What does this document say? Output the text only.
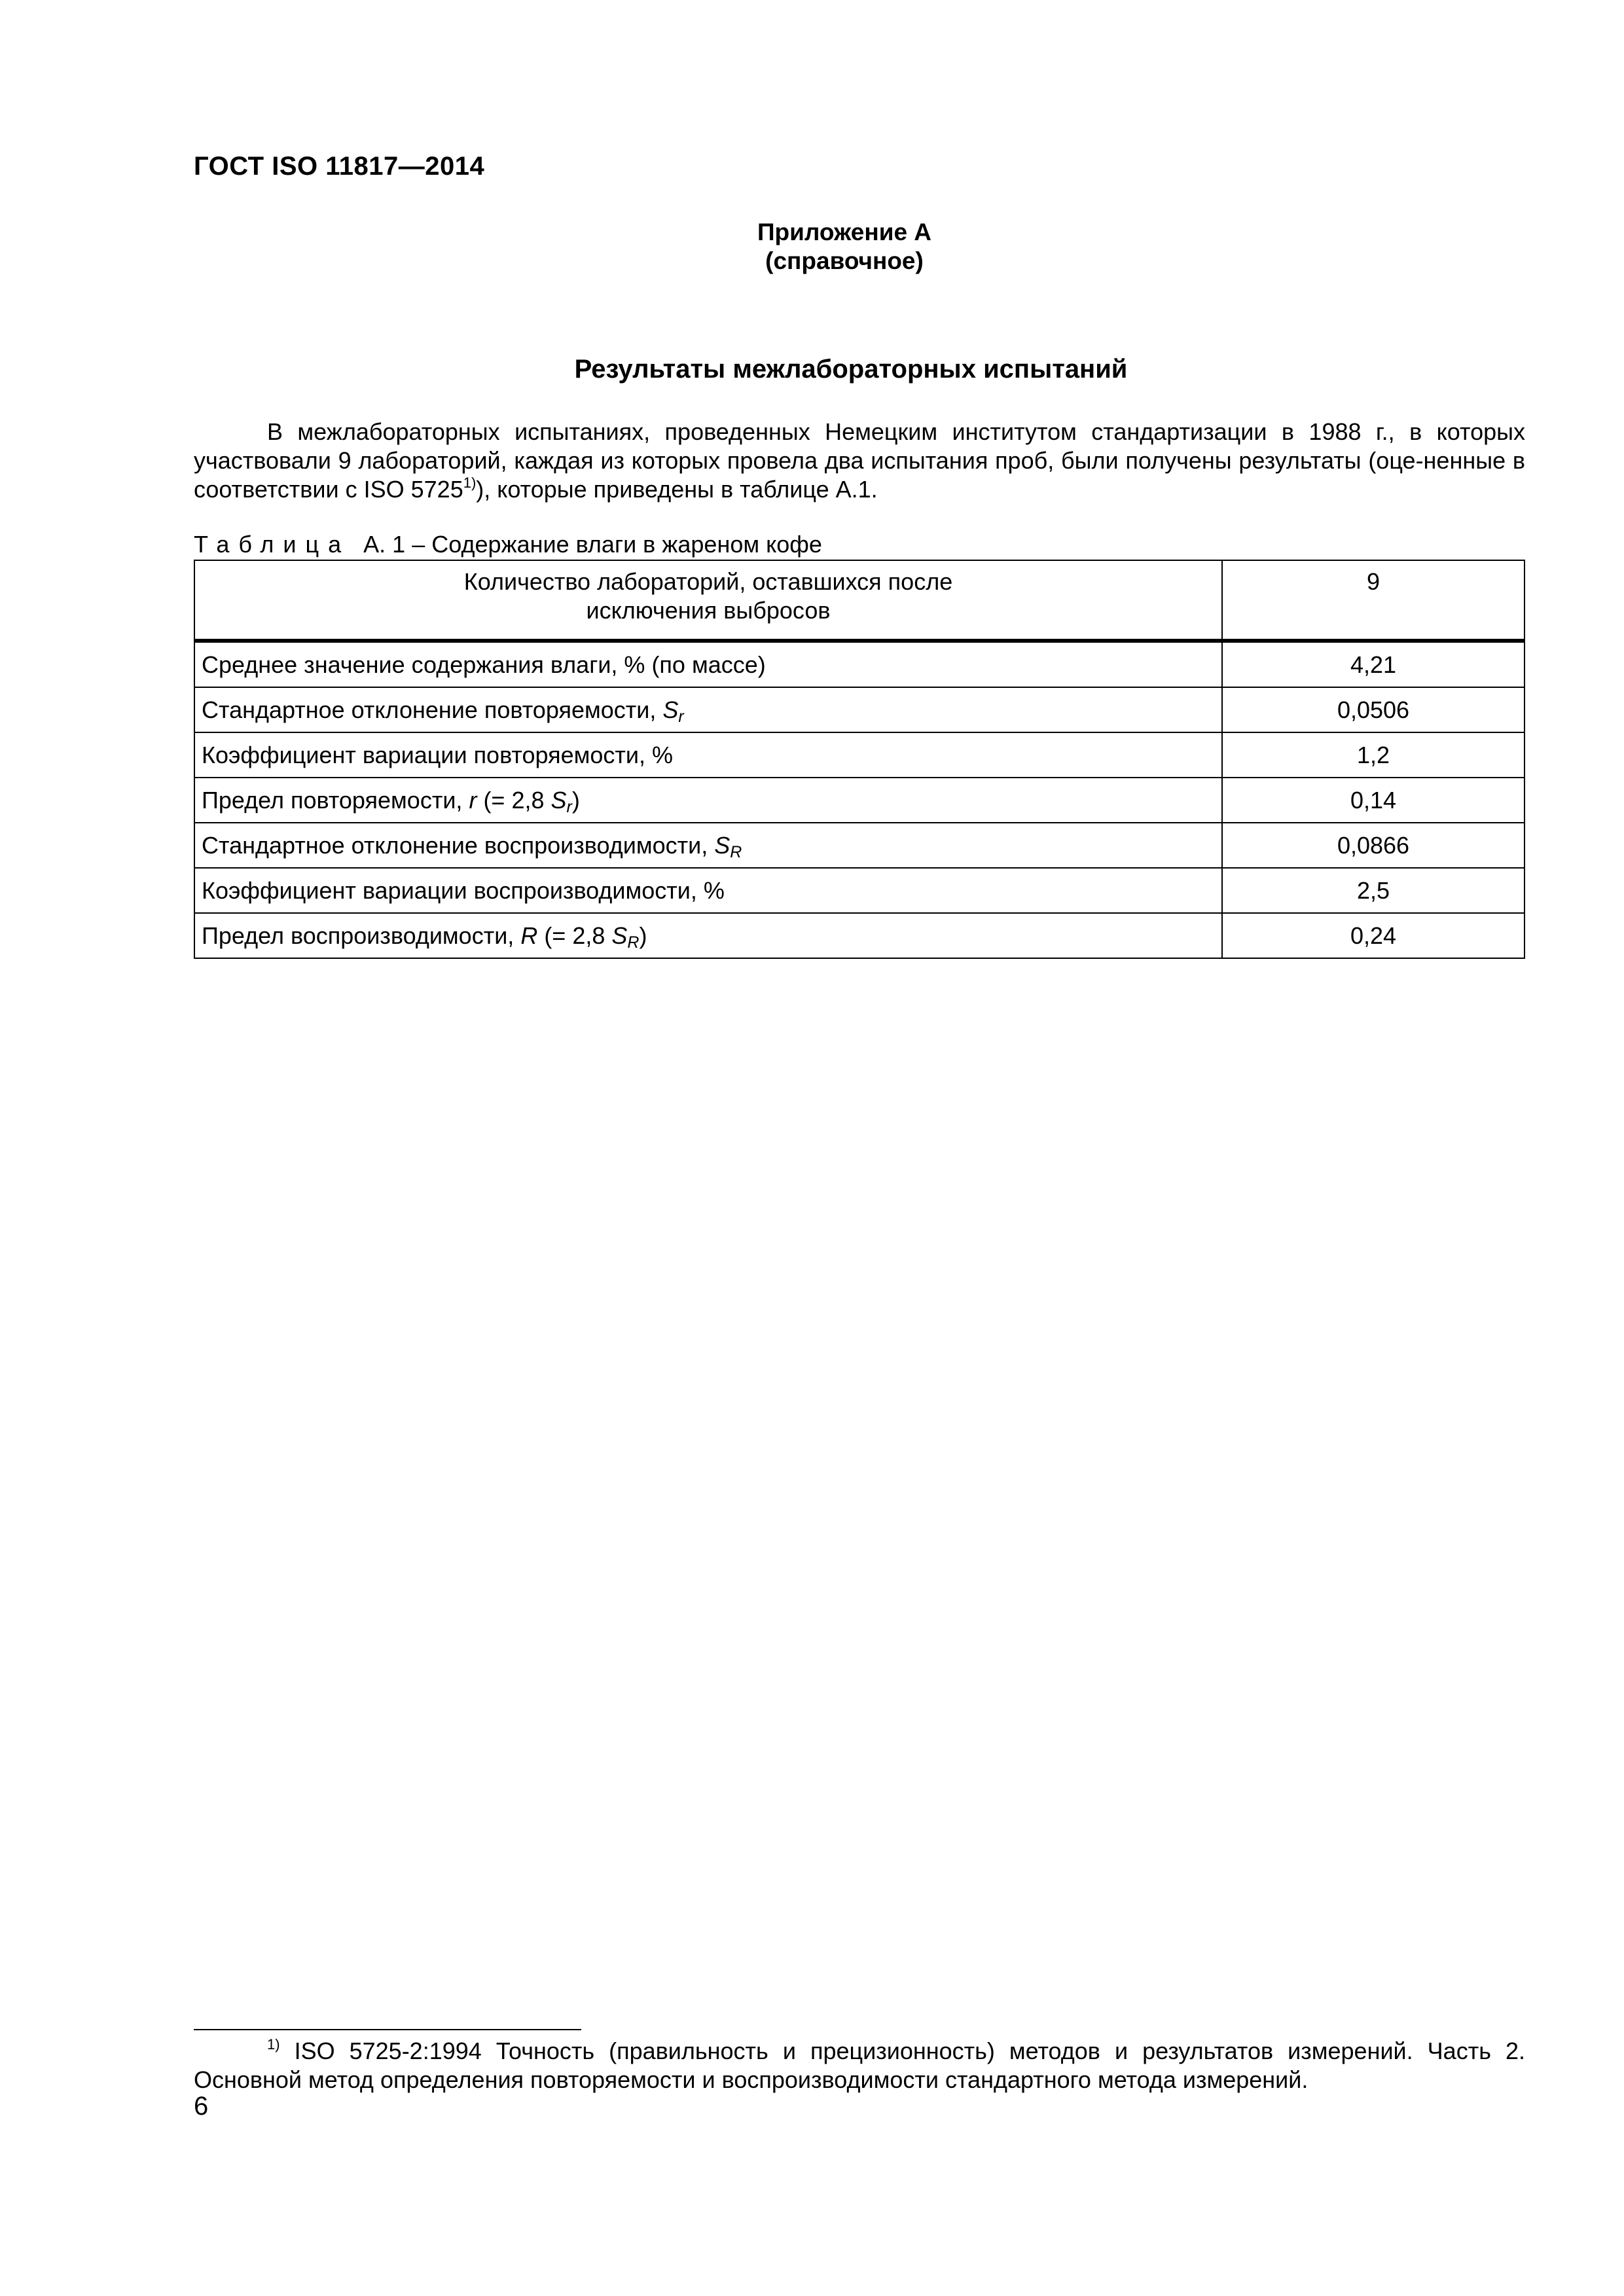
ГОСТ ISO 11817—2014
Приложение А
(справочное)
Результаты межлабораторных испытаний

В межлабораторных испытаниях, проведенных Немецким институтом стандартизации в 1988 г., в которых участвовали 9 лабораторий, каждая из которых провела два испытания проб, были получены результаты (оце-ненные в соответствии с ISO 5725$^{1)}$), которые приведены в таблице А.1.

Таблица А. 1 – Содержание влаги в жареном кофе
Количество лабораторий, оставшихся после
исключения выбросов	9
Среднее значение содержания влаги, % (по массе)	4,21
Стандартное отклонение повторяемости, $S_r$	0,0506
Коэффициент вариации повторяемости, %	1,2
Предел повторяемости, r (= 2,8 $S_r$)	0,14
Стандартное отклонение воспроизводимости, $S_R$	0,0866
Коэффициент вариации воспроизводимости, %	2,5
Предел воспроизводимости, R (= 2,8 $S_R$)	0,24

$^{1)}$ ISO 5725-2:1994 Точность (правильность и прецизионность) методов и результатов измерений. Часть 2. Основной метод определения повторяемости и воспроизводимости стандартного метода измерений.

6
